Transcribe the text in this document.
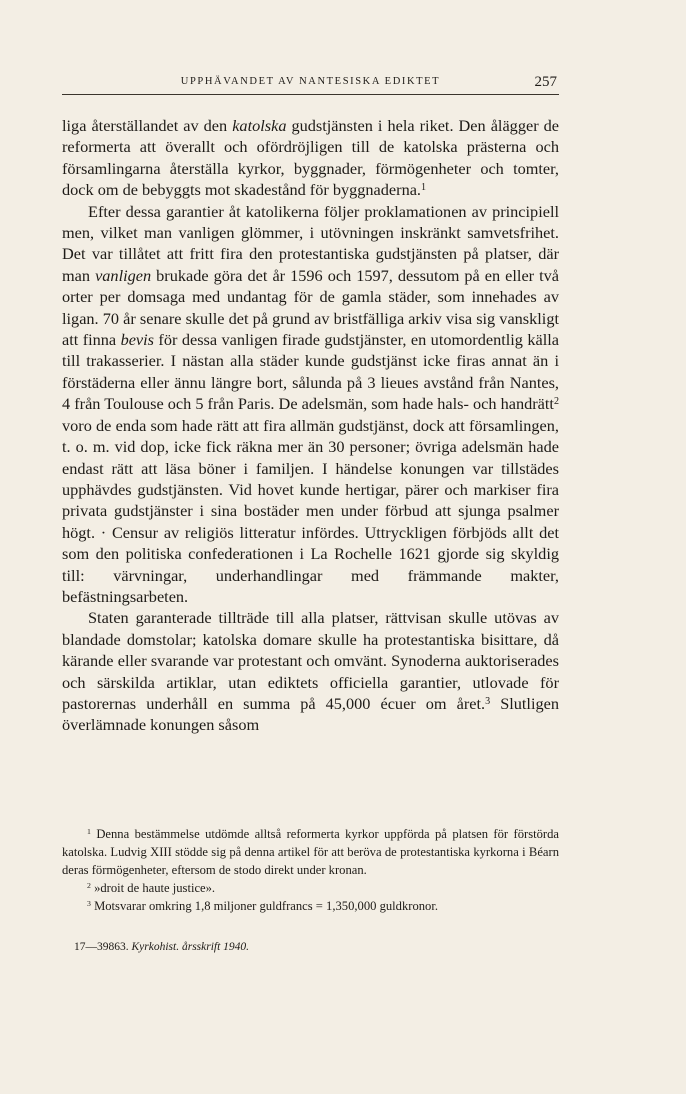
UPPHÄVANDET AV NANTESISKA EDIKTET	257

liga återställandet av den katolska gudstjänsten i hela riket. Den ålägger de reformerta att överallt och ofördröjligen till de katolska prästerna och församlingarna återställa kyrkor, byggnader, förmögenheter och tomter, dock om de bebyggts mot skadestånd för byggnaderna.$^1$

Efter dessa garantier åt katolikerna följer proklamationen av principiell men, vilket man vanligen glömmer, i utövningen inskränkt samvetsfrihet. Det var tillåtet att fritt fira den protestantiska gudstjänsten på platser, där man vanligen brukade göra det år 1596 och 1597, dessutom på en eller två orter per domsaga med undantag för de gamla städer, som innehades av ligan. 70 år senare skulle det på grund av bristfälliga arkiv visa sig vanskligt att finna bevis för dessa vanligen firade gudstjänster, en utomordentlig källa till trakasserier. I nästan alla städer kunde gudstjänst icke firas annat än i förstäderna eller ännu längre bort, sålunda på 3 lieues avstånd från Nantes, 4 från Toulouse och 5 från Paris. De adelsmän, som hade hals- och handrätt$^2$ voro de enda som hade rätt att fira allmän gudstjänst, dock att församlingen, t. o. m. vid dop, icke fick räkna mer än 30 personer; övriga adelsmän hade endast rätt att läsa böner i familjen. I händelse konungen var tillstädes upphävdes gudstjänsten. Vid hovet kunde hertigar, pärer och markiser fira privata gudstjänster i sina bostäder men under förbud att sjunga psalmer högt. · Censur av religiös litteratur infördes. Uttryckligen förbjöds allt det som den politiska confederationen i La Rochelle 1621 gjorde sig skyldig till: värvningar, underhandlingar med främmande makter, befästningsarbeten.

Staten garanterade tillträde till alla platser, rättvisan skulle utövas av blandade domstolar; katolska domare skulle ha protestantiska bisittare, då kärande eller svarande var protestant och omvänt. Synoderna auktoriserades och särskilda artiklar, utan ediktets officiella garantier, utlovade för pastorernas underhåll en summa på 45,000 écuer om året.$^3$ Slutligen överlämnade konungen såsom

$^1$ Denna bestämmelse utdömde alltså reformerta kyrkor uppförda på platsen för förstörda katolska. Ludvig XIII stödde sig på denna artikel för att beröva de protestantiska kyrkorna i Béarn deras förmögenheter, eftersom de stodo direkt under kronan.

$^2$ »droit de haute justice».

$^3$ Motsvarar omkring 1,8 miljoner guldfrancs = 1,350,000 guldkronor.

17—39863. Kyrkohist. årsskrift 1940.
